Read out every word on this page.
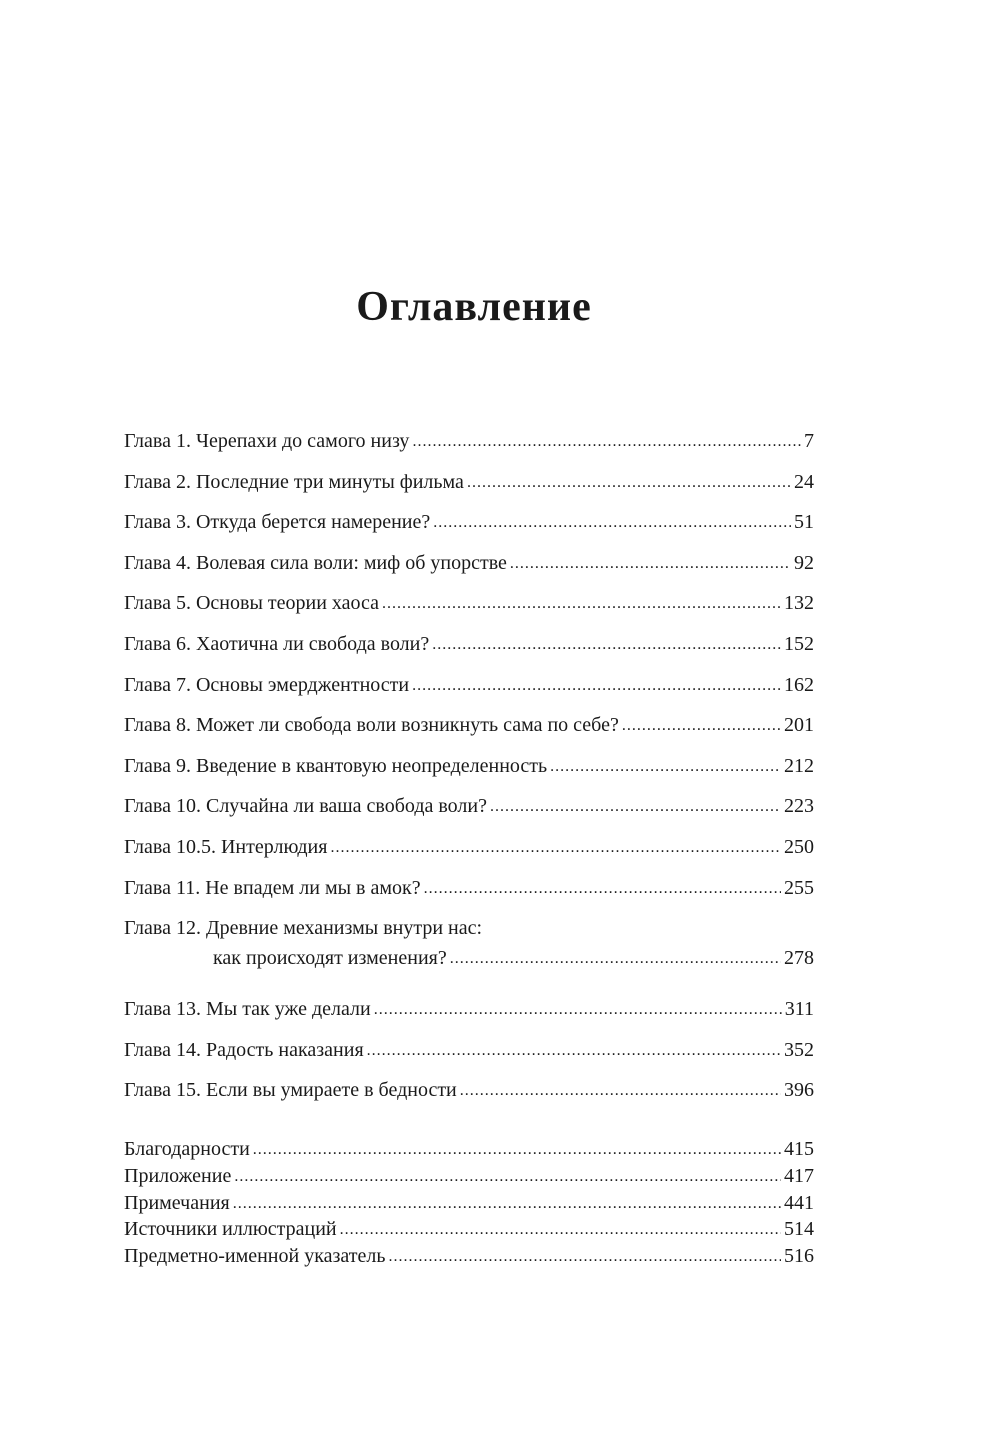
Оглавление
Глава 1. Черепахи до самого низу .....	7
Глава 2. Последние три минуты фильма .....	24
Глава 3. Откуда берется намерение? .....	51
Глава 4. Волевая сила воли: миф об упорстве .....	92
Глава 5. Основы теории хаоса .....	132
Глава 6. Хаотична ли свобода воли? .....	152
Глава 7. Основы эмерджентности .....	162
Глава 8. Может ли свобода воли возникнуть сама по себе? .....	201
Глава 9. Введение в квантовую неопределенность .....	212
Глава 10. Случайна ли ваша свобода воли? .....	223
Глава 10.5. Интерлюдия .....	250
Глава 11. Не впадем ли мы в амок? .....	255
Глава 12. Древние механизмы внутри нас:
как происходят изменения? .....	278
Глава 13. Мы так уже делали .....	311
Глава 14. Радость наказания .....	352
Глава 15. Если вы умираете в бедности .....	396
Благодарности .....	415
Приложение .....	417
Примечания .....	441
Источники иллюстраций .....	514
Предметно-именной указатель .....	516
